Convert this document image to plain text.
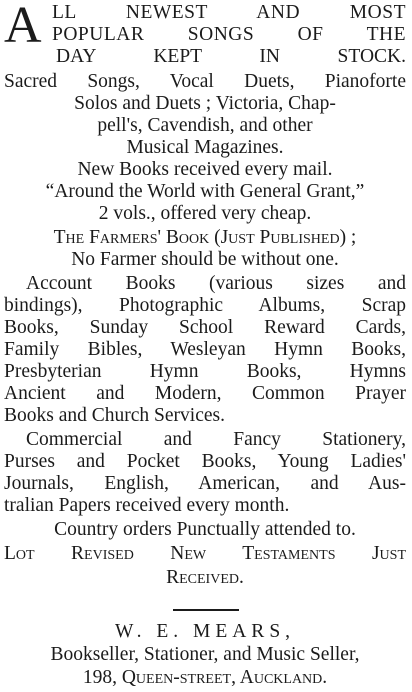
A LL NEWEST AND MOST
POPULAR SONGS OF THE
DAY KEPT IN STOCK.
Sacred Songs, Vocal Duets, Pianoforte
Solos and Duets ; Victoria, Chap-
pell's, Cavendish, and other
Musical Magazines.
New Books received every mail.
“Around the World with General Grant,”
2 vols., offered very cheap.
The Farmers' Book (Just Published) ;
No Farmer should be without one.
Account Books (various sizes and
bindings), Photographic Albums, Scrap
Books, Sunday School Reward Cards,
Family Bibles, Wesleyan Hymn Books,
Presbyterian Hymn Books, Hymns
Ancient and Modern, Common Prayer
Books and Church Services.
Commercial and Fancy Stationery,
Purses and Pocket Books, Young Ladies'
Journals, English, American, and Aus-
tralian Papers received every month.
Country orders Punctually attended to.
Lot Revised New Testaments Just
Received.
W. E. MEARS,
Bookseller, Stationer, and Music Seller,
198, Queen-street, Auckland.
